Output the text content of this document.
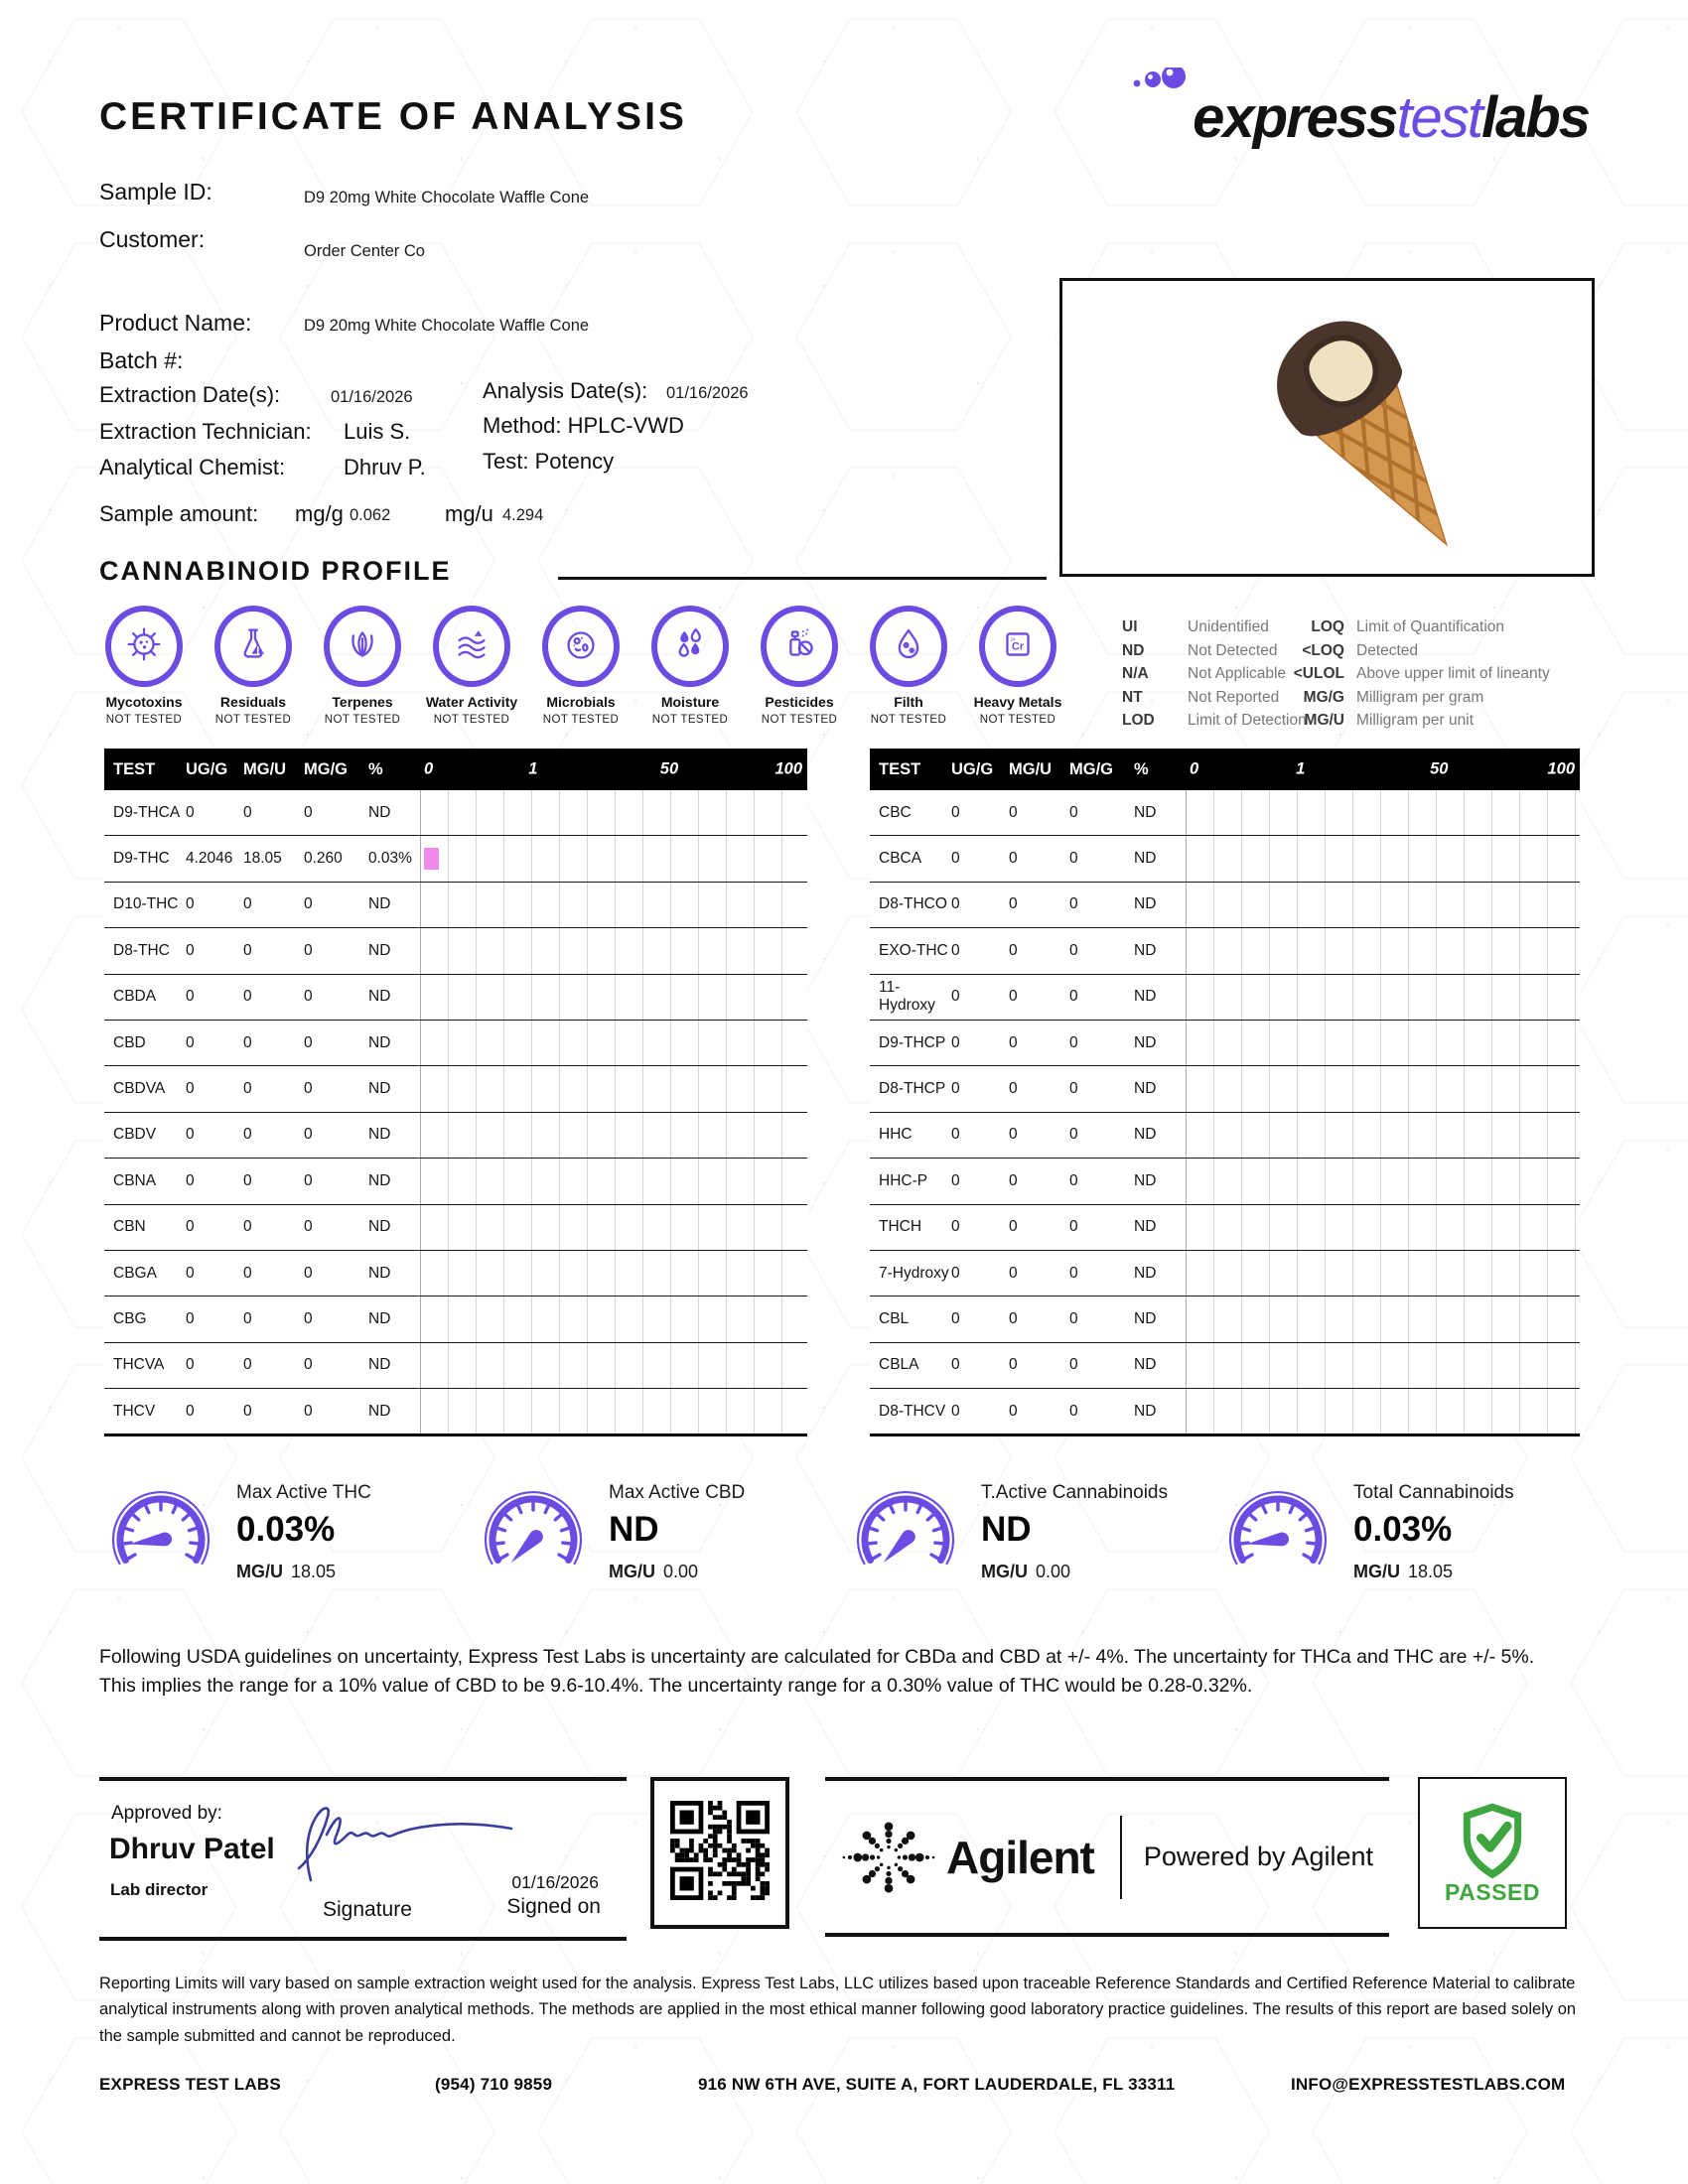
CERTIFICATE OF ANALYSIS	expresstestlabs
Sample ID:	D9 20mg White Chocolate Waffle Cone
Customer:	Order Center Co
Product Name:	D9 20mg White Chocolate Waffle Cone
Batch #:
Extraction Date(s):	01/16/2026	Analysis Date(s): 01/16/2026
Extraction Technician: Luis S.	Method: HPLC-VWD
Analytical Chemist:	Dhruv P.	Test: Potency
Sample amount: mg/g 0.062 mg/u 4.294
CANNABINOID PROFILE
Mycotoxins
NOT TESTED
Residuals
NOT TESTED
Terpenes
NOT TESTED
Water Activity
NOT TESTED
Microbials
NOT TESTED
Moisture
NOT TESTED
Pesticides
NOT TESTED
Filth
NOT TESTED
Cr
24
Heavy Metals
NOT TESTED
UI	Unidentified
ND	Not Detected
N/A	Not Applicable
NT	Not Reported
LOD	Limit of Detection
LOQ Limit of Quantification
<LOQ Detected
<ULOL Above upper limit of lineanty
MG/G Milligram per gram
MG/U Milligram per unit
TEST	UG/G MG/U	MG/G	%	0	1	50	100
D9-THCA 0	0	0	ND
D9-THC	4.2046 18.05	0.260	0.03%
D10-THC 0	0	0	ND
D8-THC	0	0	0	ND
CBDA	0	0	0	ND
CBD	0	0	0	ND
CBDVA	0	0	0	ND
CBDV	0	0	0	ND
CBNA	0	0	0	ND
CBN	0	0	0	ND
CBGA	0	0	0	ND
CBG	0	0	0	ND
THCVA	0	0	0	ND
THCV	0	0	0	ND
TEST	UG/G MG/U	MG/G	%	0	1	50	100
CBC	0	0	0	ND
CBCA	0	0	0	ND
D8-THCO 0	0	0	ND
EXO-THC 0	0	0	ND
11-Hydroxy
0	0	0	ND
D9-THCP 0	0	0	ND
D8-THCP 0	0	0	ND
HHC	0	0	0	ND
HHC-P	0	0	0	ND
THCH	0	0	0	ND
7-Hydroxy 0	0	0	ND
CBL	0	0	0	ND
CBLA	0	0	0	ND
D8-THCV 0	0	0	ND
Max Active THC
0.03%
MG/U 18.05
Max Active CBD
ND
MG/U 0.00
T.Active Cannabinoids
ND
MG/U 0.00
Total Cannabinoids
0.03%
MG/U 18.05
Following USDA guidelines on uncertainty, Express Test Labs is uncertainty are calculated for CBDa and CBD at +/- 4%. The uncertainty for THCa and THC are +/- 5%. This implies the range for a 10% value of CBD to be 9.6-10.4%. The uncertainty range for a 0.30% value of THC would be 0.28-0.32%.
Approved by:
Dhruv Patel
Lab director
Signature
01/16/2026
Signed on
Agilent Powered by Agilent
PASSED
Reporting Limits will vary based on sample extraction weight used for the analysis. Express Test Labs, LLC utilizes based upon traceable Reference Standards and Certified Reference Material to calibrate analytical instruments along with proven analytical methods. The methods are applied in the most ethical manner following good laboratory practice guidelines. The results of this report are based solely on the sample submitted and cannot be reproduced.
EXPRESS TEST LABS	(954) 710 9859	916 NW 6TH AVE, SUITE A, FORT LAUDERDALE, FL 33311	INFO@EXPRESSTESTLABS.COM
